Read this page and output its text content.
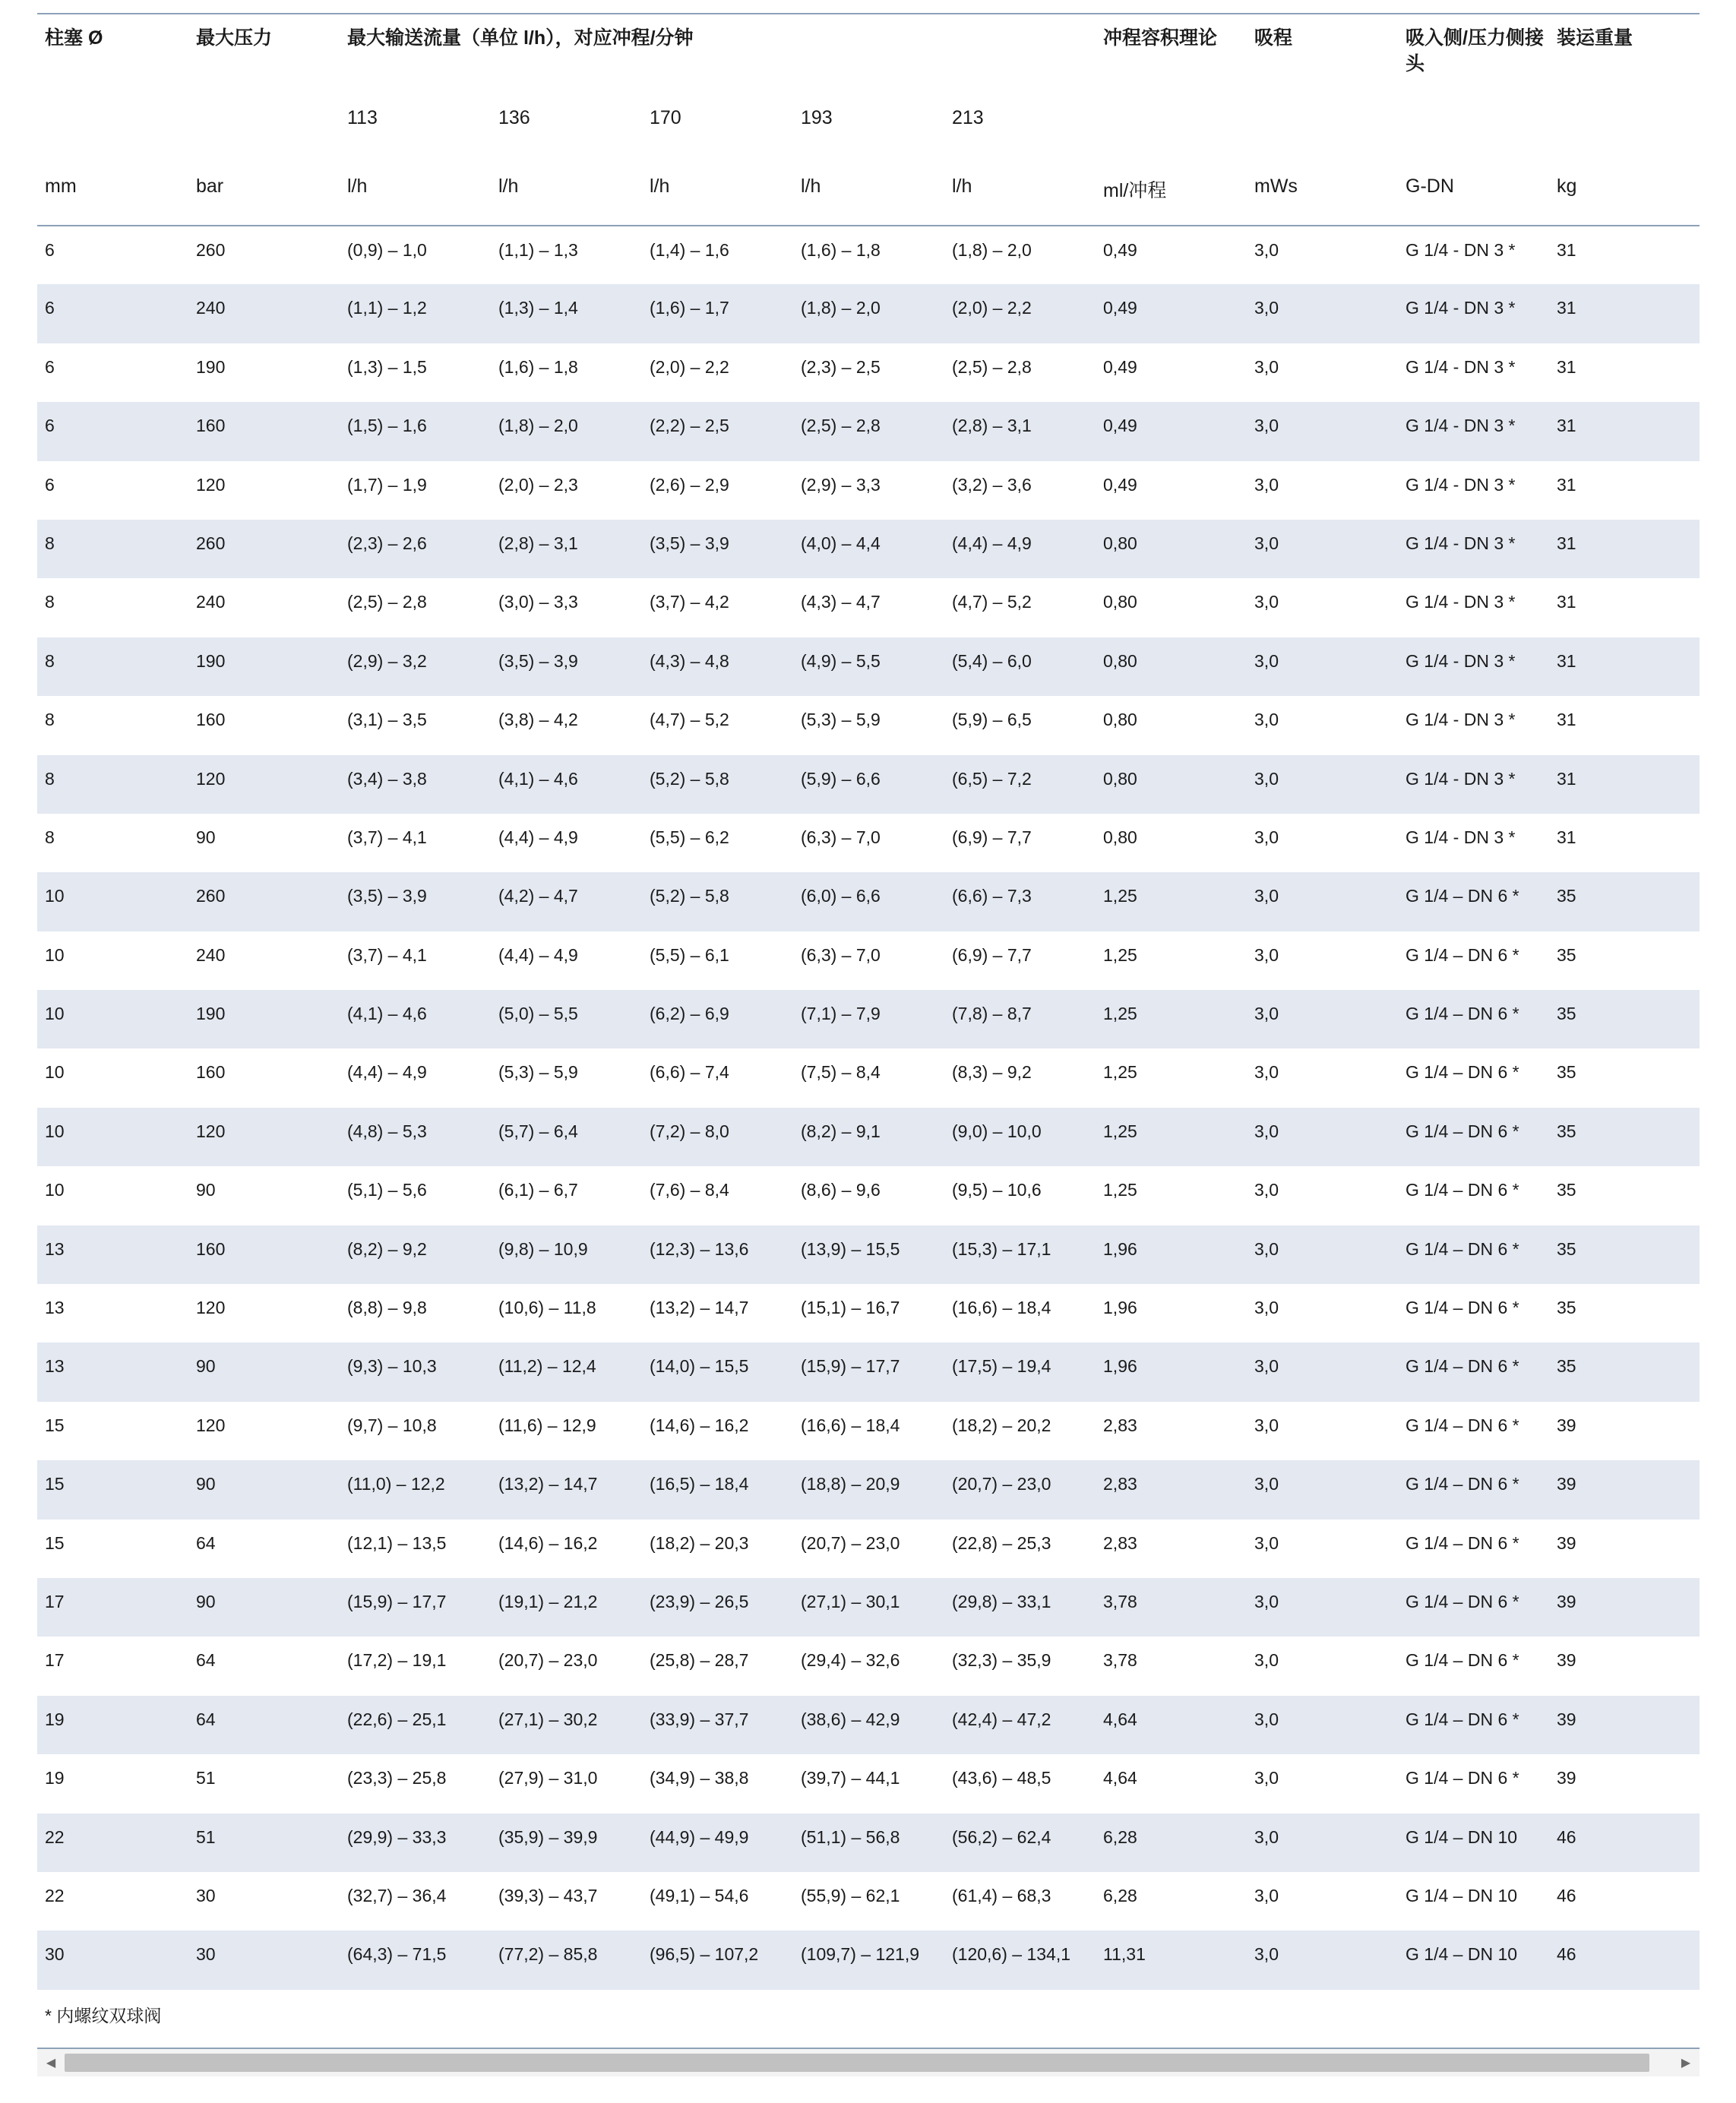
柱塞 Ø	最大压力	最大输送流量（单位 l/h），对应冲程/分钟					冲程容积理论	吸程	吸入侧/压力侧接头	装运重量
		113	136	170	193	213				
mm	bar	l/h	l/h	l/h	l/h	l/h	ml/冲程	mWs	G-DN	kg
6	260	(0,9) – 1,0	(1,1) – 1,3	(1,4) – 1,6	(1,6) – 1,8	(1,8) – 2,0	0,49	3,0	G 1/4 - DN 3 *	31
6	240	(1,1) – 1,2	(1,3) – 1,4	(1,6) – 1,7	(1,8) – 2,0	(2,0) – 2,2	0,49	3,0	G 1/4 - DN 3 *	31
6	190	(1,3) – 1,5	(1,6) – 1,8	(2,0) – 2,2	(2,3) – 2,5	(2,5) – 2,8	0,49	3,0	G 1/4 - DN 3 *	31
6	160	(1,5) – 1,6	(1,8) – 2,0	(2,2) – 2,5	(2,5) – 2,8	(2,8) – 3,1	0,49	3,0	G 1/4 - DN 3 *	31
6	120	(1,7) – 1,9	(2,0) – 2,3	(2,6) – 2,9	(2,9) – 3,3	(3,2) – 3,6	0,49	3,0	G 1/4 - DN 3 *	31
8	260	(2,3) – 2,6	(2,8) – 3,1	(3,5) – 3,9	(4,0) – 4,4	(4,4) – 4,9	0,80	3,0	G 1/4 - DN 3 *	31
8	240	(2,5) – 2,8	(3,0) – 3,3	(3,7) – 4,2	(4,3) – 4,7	(4,7) – 5,2	0,80	3,0	G 1/4 - DN 3 *	31
8	190	(2,9) – 3,2	(3,5) – 3,9	(4,3) – 4,8	(4,9) – 5,5	(5,4) – 6,0	0,80	3,0	G 1/4 - DN 3 *	31
8	160	(3,1) – 3,5	(3,8) – 4,2	(4,7) – 5,2	(5,3) – 5,9	(5,9) – 6,5	0,80	3,0	G 1/4 - DN 3 *	31
8	120	(3,4) – 3,8	(4,1) – 4,6	(5,2) – 5,8	(5,9) – 6,6	(6,5) – 7,2	0,80	3,0	G 1/4 - DN 3 *	31
8	90	(3,7) – 4,1	(4,4) – 4,9	(5,5) – 6,2	(6,3) – 7,0	(6,9) – 7,7	0,80	3,0	G 1/4 - DN 3 *	31
10	260	(3,5) – 3,9	(4,2) – 4,7	(5,2) – 5,8	(6,0) – 6,6	(6,6) – 7,3	1,25	3,0	G 1/4 – DN 6 *	35
10	240	(3,7) – 4,1	(4,4) – 4,9	(5,5) – 6,1	(6,3) – 7,0	(6,9) – 7,7	1,25	3,0	G 1/4 – DN 6 *	35
10	190	(4,1) – 4,6	(5,0) – 5,5	(6,2) – 6,9	(7,1) – 7,9	(7,8) – 8,7	1,25	3,0	G 1/4 – DN 6 *	35
10	160	(4,4) – 4,9	(5,3) – 5,9	(6,6) – 7,4	(7,5) – 8,4	(8,3) – 9,2	1,25	3,0	G 1/4 – DN 6 *	35
10	120	(4,8) – 5,3	(5,7) – 6,4	(7,2) – 8,0	(8,2) – 9,1	(9,0) – 10,0	1,25	3,0	G 1/4 – DN 6 *	35
10	90	(5,1) – 5,6	(6,1) – 6,7	(7,6) – 8,4	(8,6) – 9,6	(9,5) – 10,6	1,25	3,0	G 1/4 – DN 6 *	35
13	160	(8,2) – 9,2	(9,8) – 10,9	(12,3) – 13,6	(13,9) – 15,5	(15,3) – 17,1	1,96	3,0	G 1/4 – DN 6 *	35
13	120	(8,8) – 9,8	(10,6) – 11,8	(13,2) – 14,7	(15,1) – 16,7	(16,6) – 18,4	1,96	3,0	G 1/4 – DN 6 *	35
13	90	(9,3) – 10,3	(11,2) – 12,4	(14,0) – 15,5	(15,9) – 17,7	(17,5) – 19,4	1,96	3,0	G 1/4 – DN 6 *	35
15	120	(9,7) – 10,8	(11,6) – 12,9	(14,6) – 16,2	(16,6) – 18,4	(18,2) – 20,2	2,83	3,0	G 1/4 – DN 6 *	39
15	90	(11,0) – 12,2	(13,2) – 14,7	(16,5) – 18,4	(18,8) – 20,9	(20,7) – 23,0	2,83	3,0	G 1/4 – DN 6 *	39
15	64	(12,1) – 13,5	(14,6) – 16,2	(18,2) – 20,3	(20,7) – 23,0	(22,8) – 25,3	2,83	3,0	G 1/4 – DN 6 *	39
17	90	(15,9) – 17,7	(19,1) – 21,2	(23,9) – 26,5	(27,1) – 30,1	(29,8) – 33,1	3,78	3,0	G 1/4 – DN 6 *	39
17	64	(17,2) – 19,1	(20,7) – 23,0	(25,8) – 28,7	(29,4) – 32,6	(32,3) – 35,9	3,78	3,0	G 1/4 – DN 6 *	39
19	64	(22,6) – 25,1	(27,1) – 30,2	(33,9) – 37,7	(38,6) – 42,9	(42,4) – 47,2	4,64	3,0	G 1/4 – DN 6 *	39
19	51	(23,3) – 25,8	(27,9) – 31,0	(34,9) – 38,8	(39,7) – 44,1	(43,6) – 48,5	4,64	3,0	G 1/4 – DN 6 *	39
22	51	(29,9) – 33,3	(35,9) – 39,9	(44,9) – 49,9	(51,1) – 56,8	(56,2) – 62,4	6,28	3,0	G 1/4 – DN 10	46
22	30	(32,7) – 36,4	(39,3) – 43,7	(49,1) – 54,6	(55,9) – 62,1	(61,4) – 68,3	6,28	3,0	G 1/4 – DN 10	46
30	30	(64,3) – 71,5	(77,2) – 85,8	(96,5) – 107,2	(109,7) – 121,9	(120,6) – 134,1	11,31	3,0	G 1/4 – DN 10	46
* 内螺纹双球阀
◀	▶
